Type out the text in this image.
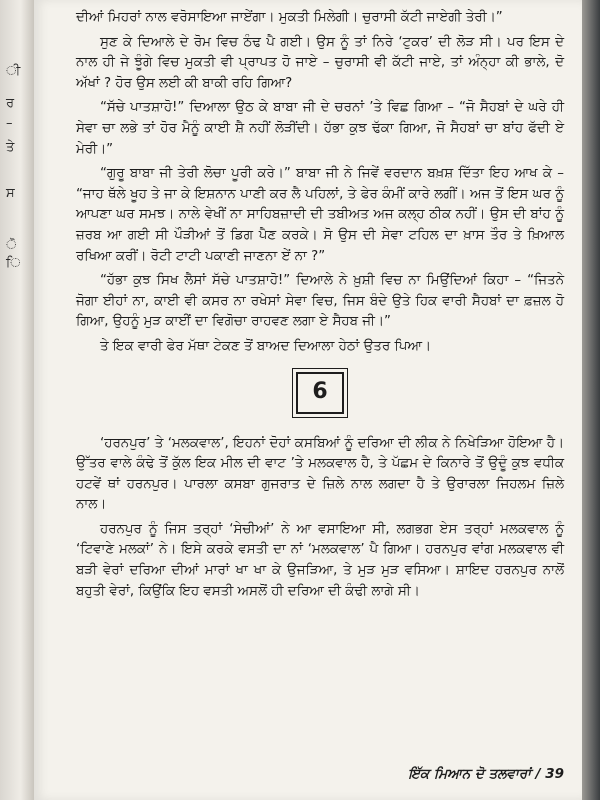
ੀ
ਰ
–
ਤੇ
ਸ
ੋ
ਿ

ਦੀਆਂ ਮਿਹਰਾਂ ਨਾਲ ਵਰੋਸਾਇਆ ਜਾਏਂਗਾ। ਮੁਕਤੀ ਮਿਲੇਗੀ। ਚੁਰਾਸੀ ਕੱਟੀ ਜਾਏਗੀ ਤੇਰੀ।”

ਸੁਣ ਕੇ ਦਿਆਲੇ ਦੇ ਰੋਮ ਵਿਚ ਠੰਢ ਪੈ ਗਈ। ਉਸ ਨੂੰ ਤਾਂ ਨਿਰੇ ‘ਟੁਕਰ’ ਦੀ ਲੋੜ ਸੀ। ਪਰ ਇਸ ਦੇ ਨਾਲ ਹੀ ਜੇ ਝੂੰਗੇ ਵਿਚ ਮੁਕਤੀ ਵੀ ਪ੍ਰਾਪਤ ਹੋ ਜਾਏ – ਚੁਰਾਸੀ ਵੀ ਕੱਟੀ ਜਾਏ, ਤਾਂ ਅੰਨ੍ਹਾ ਕੀ ਭਾਲੇ, ਦੋ ਅੱਖਾਂ ? ਹੋਰ ਉਸ ਲਈ ਕੀ ਬਾਕੀ ਰਹਿ ਗਿਆ?

“ਸੱਚੇ ਪਾਤਸ਼ਾਹੋ!” ਦਿਆਲਾ ਉਠ ਕੇ ਬਾਬਾ ਜੀ ਦੇ ਚਰਨਾਂ ’ਤੇ ਵਿਛ ਗਿਆ – “ਜੋ ਸੈਹਬਾਂ ਦੇ ਘਰੇ ਹੀ ਸੇਵਾ ਚਾ ਲਭੇ ਤਾਂ ਹੋਰ ਮੈਨੂੰ ਕਾਈ ਸ਼ੈ ਨਹੀਂ ਲੋੜੀਂਦੀ। ਹੱਭਾ ਕੁਝ ਢੱਕਾ ਗਿਆ, ਜੋ ਸੈਹਬਾਂ ਚਾ ਬਾਂਹ ਫੱਦੀ ਏ ਮੇਰੀ।”

“ਗੁਰੂ ਬਾਬਾ ਜੀ ਤੇਰੀ ਲੋਚਾ ਪੂਰੀ ਕਰੇ।” ਬਾਬਾ ਜੀ ਨੇ ਜਿਵੇਂ ਵਰਦਾਨ ਬਖ਼ਸ਼ ਦਿੱਤਾ ਇਹ ਆਖ ਕੇ – “ਜਾਹ ਥੱਲੇ ਖੂਹ ਤੇ ਜਾ ਕੇ ਇਸ਼ਨਾਨ ਪਾਣੀ ਕਰ ਲੈ ਪਹਿਲਾਂ, ਤੇ ਫੇਰ ਕੰਮੀਂ ਕਾਰੇ ਲਗੀਂ। ਅਜ ਤੋਂ ਇਸ ਘਰ ਨੂੰ ਆਪਣਾ ਘਰ ਸਮਝ। ਨਾਲੇ ਵੇਖੀਂ ਨਾ ਸਾਹਿਬਜ਼ਾਦੀ ਦੀ ਤਬੀਅਤ ਅਜ ਕਲ੍ਹ ਠੀਕ ਨਹੀਂ। ਉਸ ਦੀ ਬਾਂਹ ਨੂੰ ਜ਼ਰਬ ਆ ਗਈ ਸੀ ਪੌੜੀਆਂ ਤੋਂ ਡਿਗ ਪੈਣ ਕਰਕੇ। ਸੋ ਉਸ ਦੀ ਸੇਵਾ ਟਹਿਲ ਦਾ ਖ਼ਾਸ ਤੌਰ ਤੇ ਖ਼ਿਆਲ ਰਖਿਆ ਕਰੀਂ। ਰੋਟੀ ਟਾਟੀ ਪਕਾਣੀ ਜਾਣਨਾ ਏਂ ਨਾ ?”

“ਹੱਭਾ ਕੁਝ ਸਿਖ ਲੈਸਾਂ ਸੱਚੇ ਪਾਤਸ਼ਾਹੋ!” ਦਿਆਲੇ ਨੇ ਖ਼ੁਸ਼ੀ ਵਿਚ ਨਾ ਮਿਉਂਦਿਆਂ ਕਿਹਾ – “ਜਿਤਨੇ ਜੋਗਾ ਈਹਾਂ ਨਾ, ਕਾਈ ਵੀ ਕਸਰ ਨਾ ਰਖੇਸਾਂ ਸੇਵਾ ਵਿਚ, ਜਿਸ ਬੰਦੇ ਉਤੇ ਹਿਕ ਵਾਰੀ ਸੈਹਬਾਂ ਦਾ ਫ਼ਜ਼ਲ ਹੋ ਗਿਆ, ਉਹਨੂੰ ਮੁੜ ਕਾਈਂ ਦਾ ਵਿਗੋਚਾ ਰਾਹਵਣ ਲਗਾ ਏ ਸੈਹਬ ਜੀ।”

ਤੇ ਇਕ ਵਾਰੀ ਫੇਰ ਮੱਥਾ ਟੇਕਣ ਤੋਂ ਬਾਅਦ ਦਿਆਲਾ ਹੇਠਾਂ ਉਤਰ ਪਿਆ।

6

‘ਹਰਨਪੁਰ’ ਤੇ ‘ਮਲਕਵਾਲ’, ਇਹਨਾਂ ਦੋਹਾਂ ਕਸਬਿਆਂ ਨੂੰ ਦਰਿਆ ਦੀ ਲੀਕ ਨੇ ਨਿਖੇੜਿਆ ਹੋਇਆ ਹੈ। ਉੱਤਰ ਵਾਲੇ ਕੰਢੇ ਤੋਂ ਕੁੱਲ ਇਕ ਮੀਲ ਦੀ ਵਾਟ ’ਤੇ ਮਲਕਵਾਲ ਹੈ, ਤੇ ਪੱਛਮ ਦੇ ਕਿਨਾਰੇ ਤੋਂ ਉਦੂੰ ਕੁਝ ਵਧੀਕ ਹਟਵੇਂ ਥਾਂ ਹਰਨਪੁਰ। ਪਾਰਲਾ ਕਸਬਾ ਗੁਜਰਾਤ ਦੇ ਜ਼ਿਲੇ ਨਾਲ ਲਗਦਾ ਹੈ ਤੇ ਉਰਾਰਲਾ ਜਿਹਲਮ ਜ਼ਿਲੇ ਨਾਲ।

ਹਰਨਪੁਰ ਨੂੰ ਜਿਸ ਤਰ੍ਹਾਂ ‘ਸੇਚੀਆਂ’ ਨੇ ਆ ਵਸਾਇਆ ਸੀ, ਲਗਭਗ ਏਸ ਤਰ੍ਹਾਂ ਮਲਕਵਾਲ ਨੂੰ ‘ਟਿਵਾਣੇ ਮਲਕਾਂ’ ਨੇ। ਇਸੇ ਕਰਕੇ ਵਸਤੀ ਦਾ ਨਾਂ ‘ਮਲਕਵਾਲ’ ਪੈ ਗਿਆ। ਹਰਨਪੁਰ ਵਾਂਗ ਮਲਕਵਾਲ ਵੀ ਬੜੀ ਵੇਰਾਂ ਦਰਿਆ ਦੀਆਂ ਮਾਰਾਂ ਖਾ ਖਾ ਕੇ ਉਜੜਿਆ, ਤੇ ਮੁੜ ਮੁੜ ਵਸਿਆ। ਸ਼ਾਇਦ ਹਰਨਪੁਰ ਨਾਲੋਂ ਬਹੁਤੀ ਵੇਰਾਂ, ਕਿਉਂਕਿ ਇਹ ਵਸਤੀ ਅਸਲੋਂ ਹੀ ਦਰਿਆ ਦੀ ਕੰਢੀ ਲਾਗੇ ਸੀ।

ਇੱਕ ਮਿਆਨ ਦੋ ਤਲਵਾਰਾਂ / 39
